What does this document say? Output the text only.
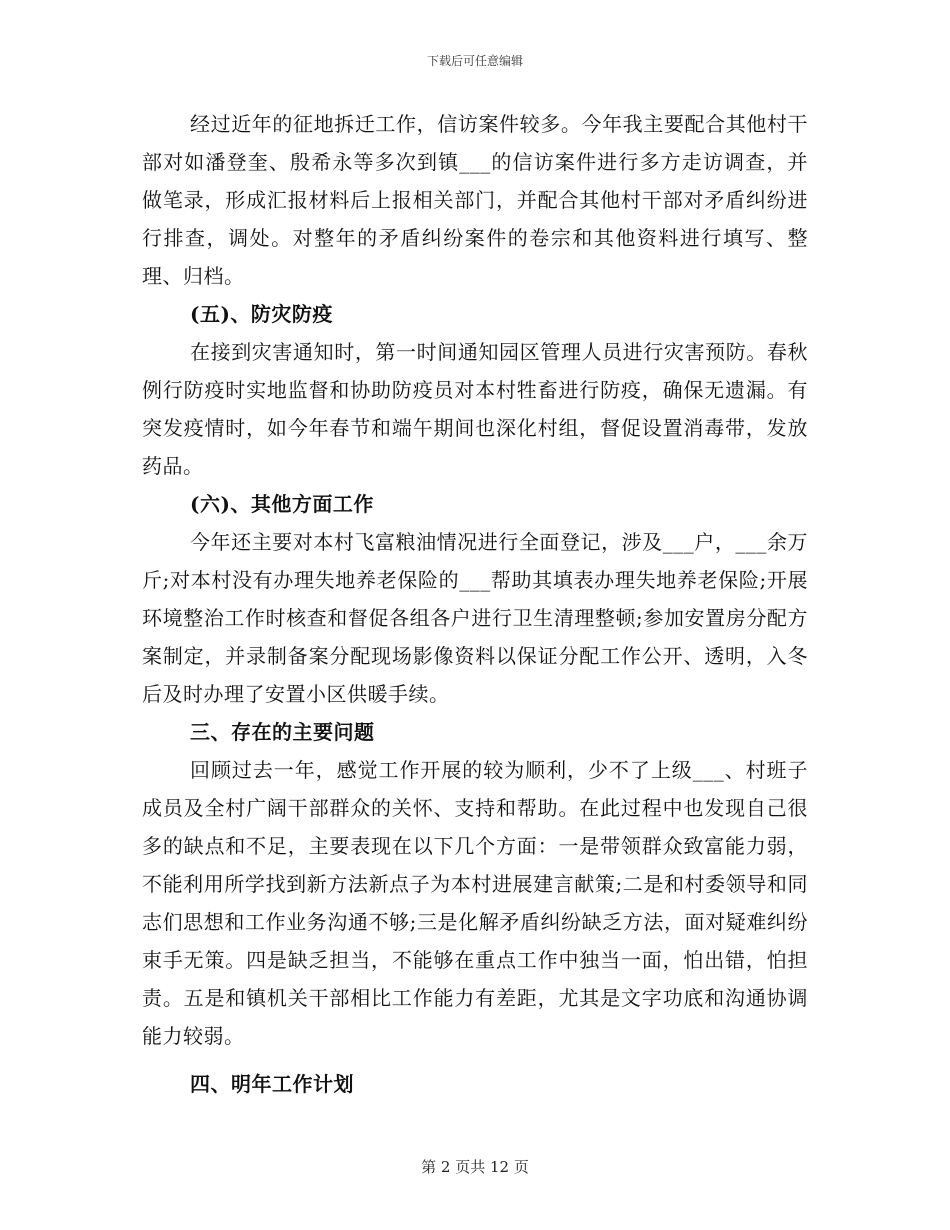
下载后可任意编辑

经过近年的征地拆迁工作，信访案件较多。今年我主要配合其他村干部对如潘登奎、殷希永等多次到镇___的信访案件进行多方走访调查，并做笔录，形成汇报材料后上报相关部门，并配合其他村干部对矛盾纠纷进行排查，调处。对整年的矛盾纠纷案件的卷宗和其他资料进行填写、整理、归档。

(五)、防灾防疫

在接到灾害通知时，第一时间通知园区管理人员进行灾害预防。春秋例行防疫时实地监督和协助防疫员对本村牲畜进行防疫，确保无遗漏。有突发疫情时，如今年春节和端午期间也深化村组，督促设置消毒带，发放药品。

(六)、其他方面工作

今年还主要对本村飞富粮油情况进行全面登记，涉及___户，___余万斤;对本村没有办理失地养老保险的___帮助其填表办理失地养老保险;开展环境整治工作时核查和督促各组各户进行卫生清理整顿;参加安置房分配方案制定，并录制备案分配现场影像资料以保证分配工作公开、透明，入冬后及时办理了安置小区供暖手续。

三、存在的主要问题

回顾过去一年，感觉工作开展的较为顺利，少不了上级___、村班子成员及全村广阔干部群众的关怀、支持和帮助。在此过程中也发现自己很多的缺点和不足，主要表现在以下几个方面：一是带领群众致富能力弱，不能利用所学找到新方法新点子为本村进展建言献策;二是和村委领导和同志们思想和工作业务沟通不够;三是化解矛盾纠纷缺乏方法，面对疑难纠纷束手无策。四是缺乏担当，不能够在重点工作中独当一面，怕出错，怕担责。五是和镇机关干部相比工作能力有差距，尤其是文字功底和沟通协调能力较弱。

四、明年工作计划
第 2 页共 12 页
